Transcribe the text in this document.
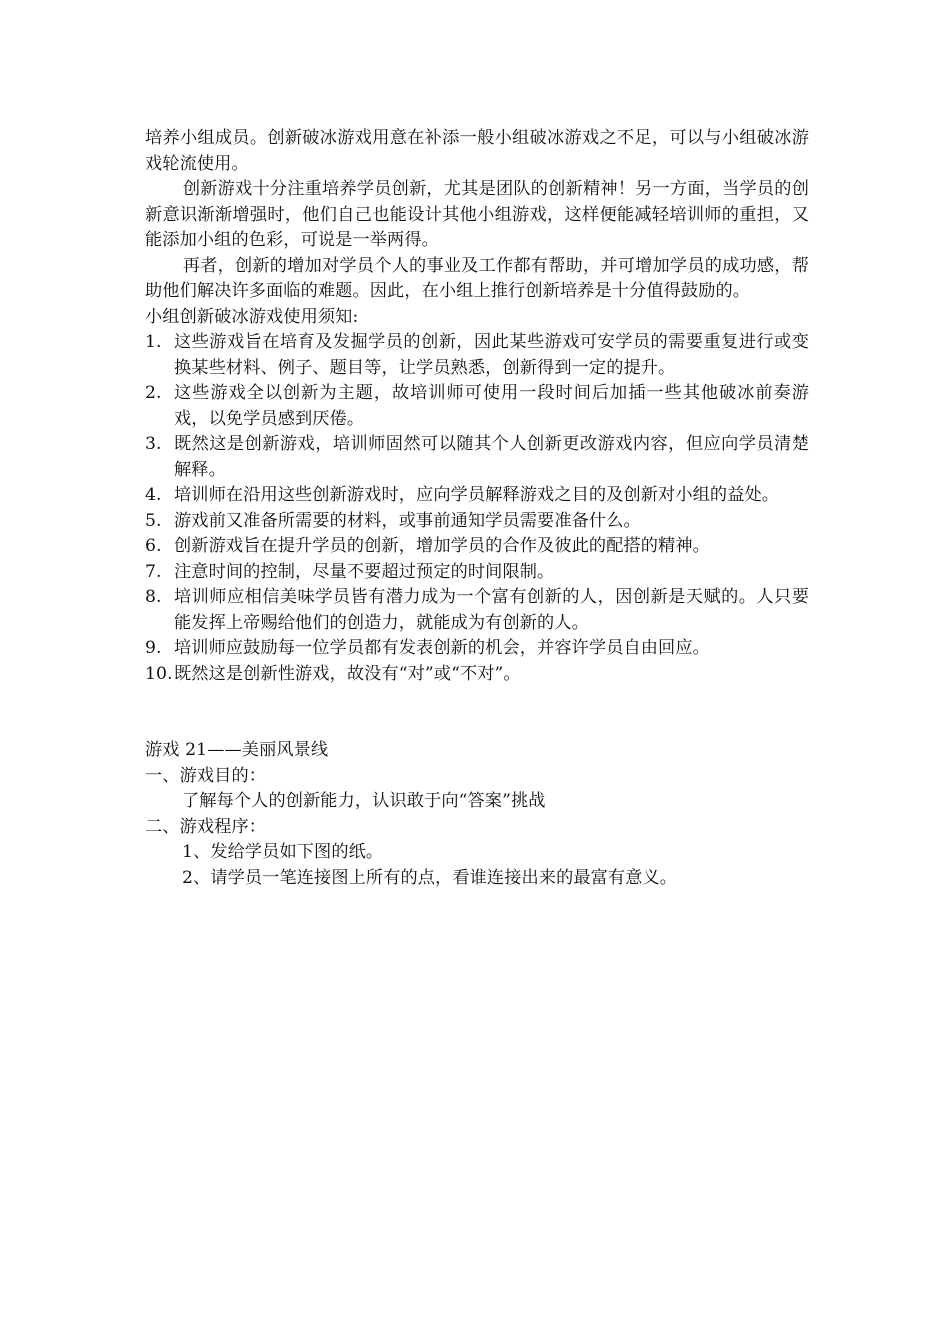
培养小组成员。创新破冰游戏用意在补添一般小组破冰游戏之不足，可以与小组破冰游戏轮流使用。

创新游戏十分注重培养学员创新，尤其是团队的创新精神！另一方面，当学员的创新意识渐渐增强时，他们自己也能设计其他小组游戏，这样便能减轻培训师的重担，又能添加小组的色彩，可说是一举两得。

再者，创新的增加对学员个人的事业及工作都有帮助，并可增加学员的成功感，帮助他们解决许多面临的难题。因此，在小组上推行创新培养是十分值得鼓励的。

小组创新破冰游戏使用须知:

1. 这些游戏旨在培育及发掘学员的创新，因此某些游戏可安学员的需要重复进行或变换某些材料、例子、题目等，让学员熟悉，创新得到一定的提升。
2. 这些游戏全以创新为主题，故培训师可使用一段时间后加插一些其他破冰前奏游戏，以免学员感到厌倦。
3. 既然这是创新游戏，培训师固然可以随其个人创新更改游戏内容，但应向学员清楚解释。
4. 培训师在沿用这些创新游戏时，应向学员解释游戏之目的及创新对小组的益处。
5. 游戏前又准备所需要的材料，或事前通知学员需要准备什么。
6. 创新游戏旨在提升学员的创新，增加学员的合作及彼此的配搭的精神。
7. 注意时间的控制，尽量不要超过预定的时间限制。
8. 培训师应相信美味学员皆有潜力成为一个富有创新的人，因创新是天赋的。人只要能发挥上帝赐给他们的创造力，就能成为有创新的人。
9. 培训师应鼓励每一位学员都有发表创新的机会，并容许学员自由回应。
10. 既然这是创新性游戏，故没有“对”或“不对”。

游戏 21——美丽风景线

一、游戏目的：

了解每个人的创新能力，认识敢于向“答案”挑战

二、游戏程序：

1、发给学员如下图的纸。

2、请学员一笔连接图上所有的点，看谁连接出来的最富有意义。
